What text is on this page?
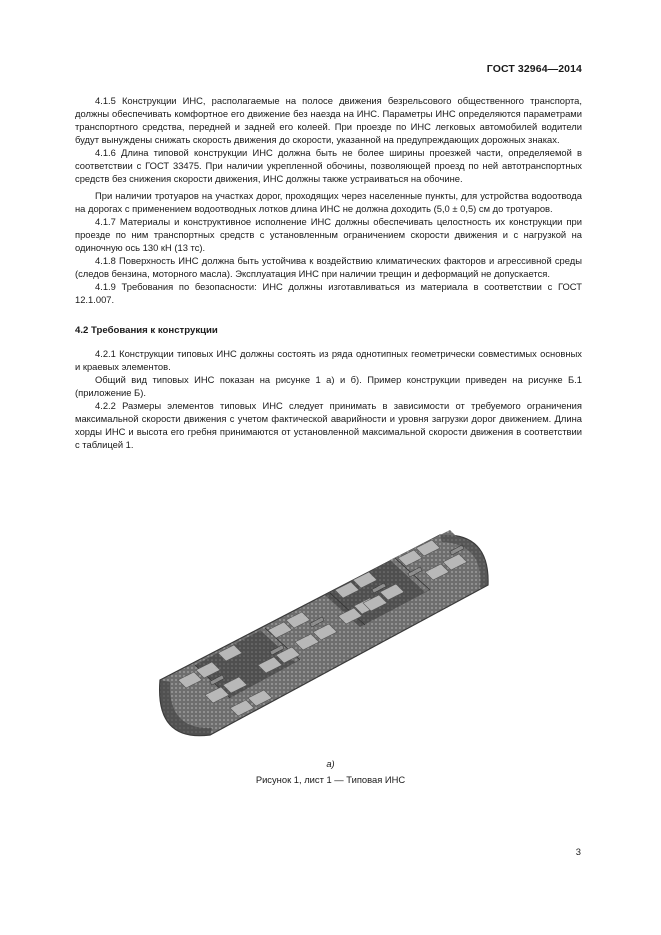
ГОСТ 32964—2014

4.1.5 Конструкции ИНС, располагаемые на полосе движения безрельсового общественного транспорта, должны обеспечивать комфортное его движение без наезда на ИНС. Параметры ИНС определяются параметрами транспортного средства, передней и задней его колеей. При проезде по ИНС легковых автомобилей водители будут вынуждены снижать скорость движения до скорости, указанной на предупреждающих дорожных знаках.

4.1.6 Длина типовой конструкции ИНС должна быть не более ширины проезжей части, определяемой в соответствии с ГОСТ 33475. При наличии укрепленной обочины, позволяющей проезд по ней автотранспортных средств без снижения скорости движения, ИНС должны также устраиваться на обочине.

При наличии тротуаров на участках дорог, проходящих через населенные пункты, для устройства водоотвода на дорогах с применением водоотводных лотков длина ИНС не должна доходить (5,0 ± 0,5) см до тротуаров.

4.1.7 Материалы и конструктивное исполнение ИНС должны обеспечивать целостность их конструкции при проезде по ним транспортных средств с установленным ограничением скорости движения и с нагрузкой на одиночную ось 130 кН (13 тс).

4.1.8 Поверхность ИНС должна быть устойчива к воздействию климатических факторов и агрессивной среды (следов бензина, моторного масла). Эксплуатация ИНС при наличии трещин и деформаций не допускается.

4.1.9 Требования по безопасности: ИНС должны изготавливаться из материала в соответствии с ГОСТ 12.1.007.

4.2 Требования к конструкции

4.2.1 Конструкции типовых ИНС должны состоять из ряда однотипных геометрически совместимых основных и краевых элементов.

Общий вид типовых ИНС показан на рисунке 1 а) и б). Пример конструкции приведен на рисунке Б.1 (приложение Б).

4.2.2 Размеры элементов типовых ИНС следует принимать в зависимости от требуемого ограничения максимальной скорости движения с учетом фактической аварийности и уровня загрузки дорог движением. Длина хорды ИНС и высота его гребня принимаются от установленной максимальной скорости движения в соответствии с таблицей 1.

а)
Рисунок 1, лист 1 — Типовая ИНС
3
